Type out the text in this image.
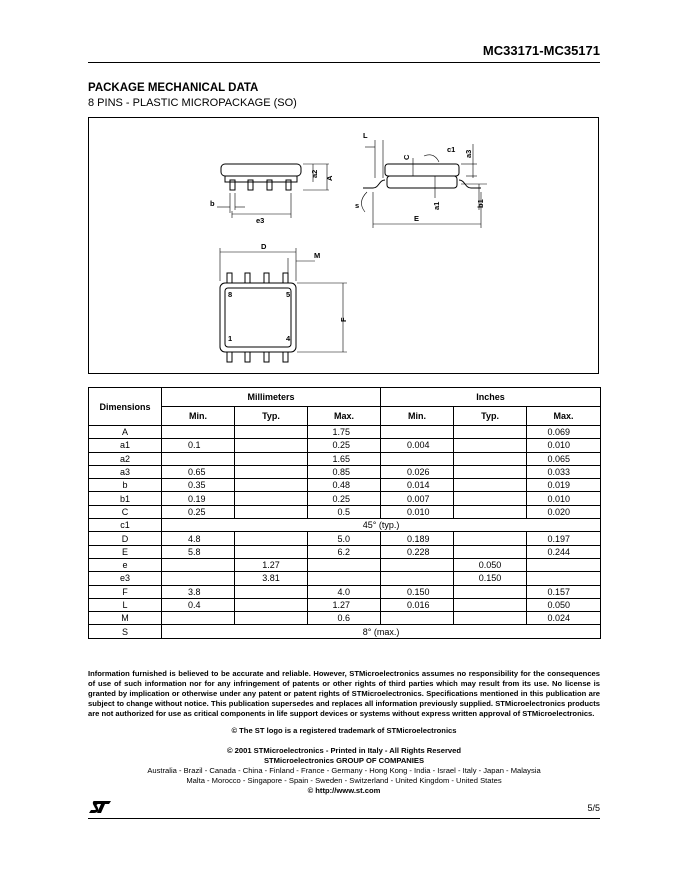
MC33171-MC35171
PACKAGE MECHANICAL DATA
8 PINS - PLASTIC MICROPACKAGE (SO)
a2
A
b
e3
L
C
c1 a3
s	a1	b1
E
D
M
F
8	5
1	4
Dimensions	Millimeters			Inches		
	Min.	Typ.	Max.	Min.	Typ.	Max.
A			1.75			0.069
a1	0.1		0.25	0.004		0.010
a2			1.65			0.065
a3	0.65		0.85	0.026		0.033
b	0.35		0.48	0.014		0.019
b1	0.19		0.25	0.007		0.010
C	0.25		0.5	0.010		0.020
c1	45° (typ.)					
D	4.8		5.0	0.189		0.197
E	5.8		6.2	0.228		0.244
e		1.27			0.050	
e3		3.81			0.150	
F	3.8		4.0	0.150		0.157
L	0.4		1.27	0.016		0.050
M			0.6			0.024
S	8° (max.)					
Information furnished is believed to be accurate and reliable. However, STMicroelectronics assumes no responsibility for the consequences of use of such information nor for any infringement of patents or other rights of third parties which may result from its use. No license is granted by implication or otherwise under any patent or patent rights of STMicroelectronics. Specifications mentioned in this publication are subject to change without notice. This publication supersedes and replaces all information previously supplied. STMicroelectronics products are not authorized for use as critical components in life support devices or systems without express written approval of STMicroelectronics.
© The ST logo is a registered trademark of STMicroelectronics
© 2001 STMicroelectronics - Printed in Italy - All Rights Reserved
STMicroelectronics GROUP OF COMPANIES
Australia - Brazil - Canada - China - Finland - France - Germany - Hong Kong - India - Israel - Italy - Japan - Malaysia
Malta - Morocco - Singapore - Spain - Sweden - Switzerland - United Kingdom - United States
© http://www.st.com
5/5
